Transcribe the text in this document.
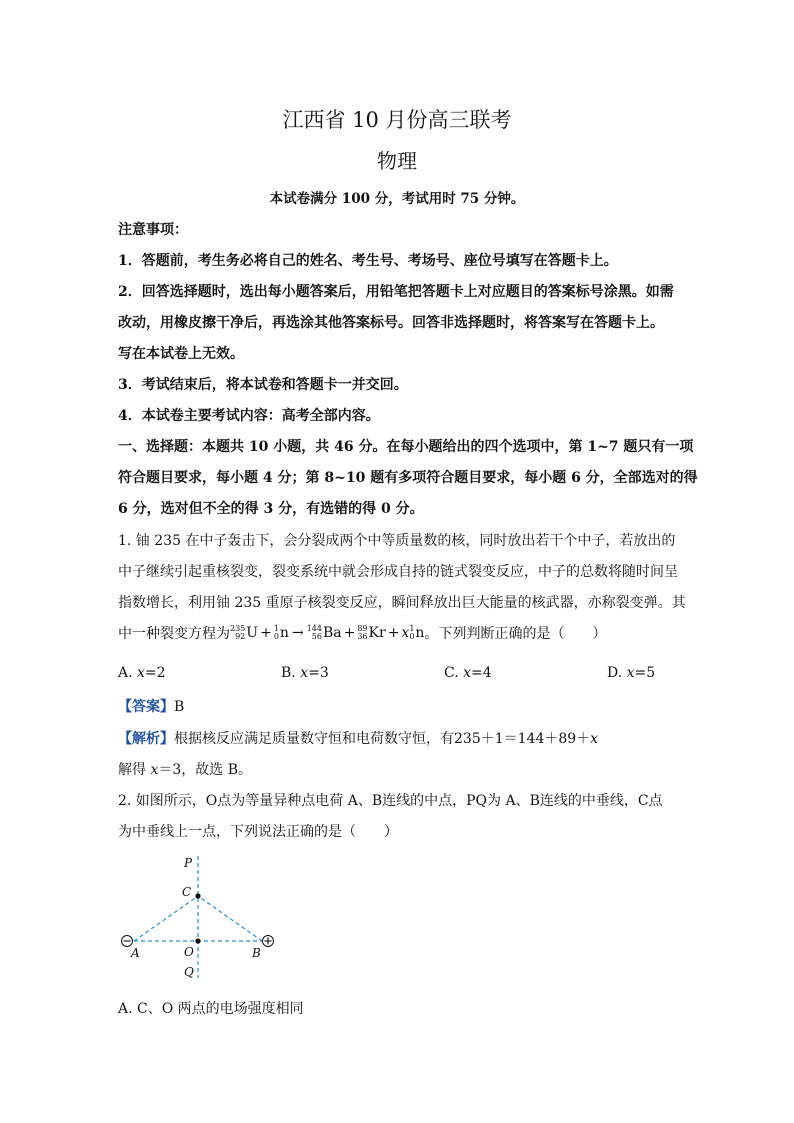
江西省 10 月份高三联考
物理
本试卷满分 100 分，考试用时 75 分钟。
注意事项：
1．答题前，考生务必将自己的姓名、考生号、考场号、座位号填写在答题卡上。
2．回答选择题时，选出每小题答案后，用铅笔把答题卡上对应题目的答案标号涂黑。如需
改动，用橡皮擦干净后，再选涂其他答案标号。回答非选择题时，将答案写在答题卡上。
写在本试卷上无效。
3．考试结束后，将本试卷和答题卡一并交回。
4．本试卷主要考试内容：高考全部内容。
一、选择题：本题共 10 小题，共 46 分。在每小题给出的四个选项中，第 1~7 题只有一项
符合题目要求，每小题 4 分；第 8~10 题有多项符合题目要求，每小题 6 分，全部选对的得
6 分，选对但不全的得 3 分，有选错的得 0 分。
1. 铀 235 在中子轰击下，会分裂成两个中等质量数的核，同时放出若干个中子，若放出的
中子继续引起重核裂变，裂变系统中就会形成自持的链式裂变反应，中子的总数将随时间呈
指数增长，利用铀 235 重原子核裂变反应，瞬间释放出巨大能量的核武器，亦称裂变弹。其
中一种裂变方程为 235
92 U + 1
0 n → 144
56 Ba + 89
36 Kr + x 1
0 n 。下列判断正确的是（　　）
A. x=2	B. x=3	C. x=4	D. x=5
【答案】B
【解析】根据核反应满足质量数守恒和电荷数守恒，有235＋1＝144＋89＋x
解得 x＝3，故选 B。
2. 如图所示，O点为等量异种点电荷 A、B连线的中点，PQ为 A、B连线的中垂线，C点
为中垂线上一点，下列说法正确的是（　　）
P
C
O
Q
A	B
A. C、O 两点的电场强度相同
